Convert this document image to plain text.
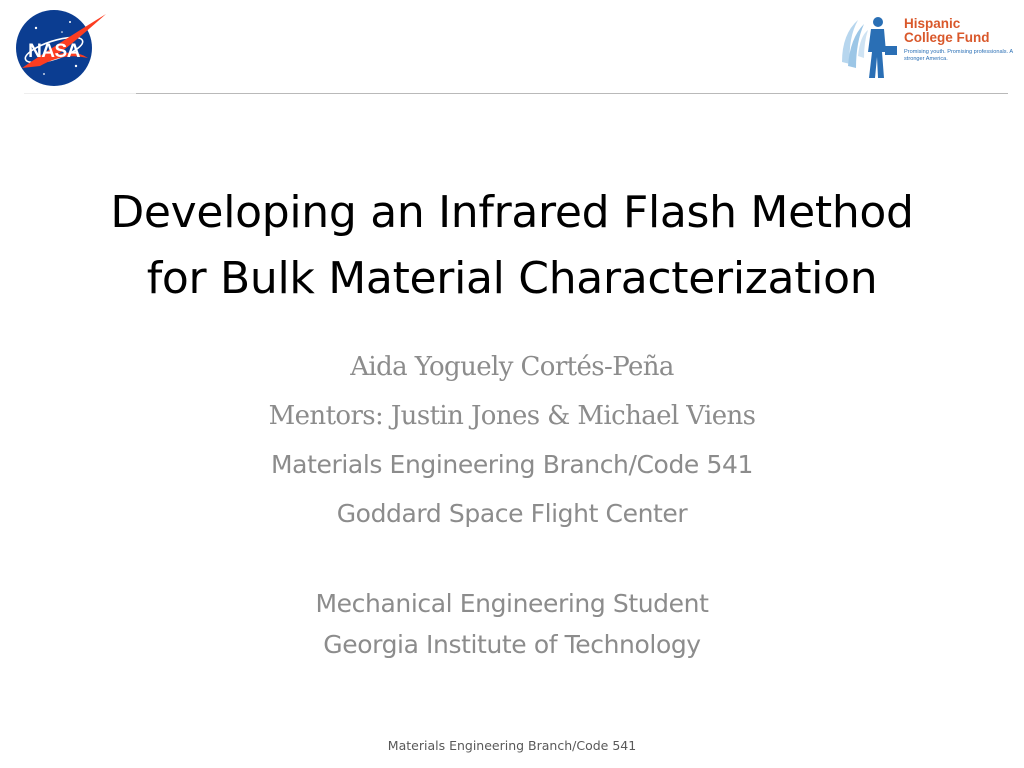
NASA
Hispanic
College Fund
Promising youth. Promising professionals. A stronger America.
Developing an Infrared Flash Method
for Bulk Material Characterization
Aida Yoguely Cortés-Peña
Mentors: Justin Jones & Michael Viens
Materials Engineering Branch/Code 541
Goddard Space Flight Center
Mechanical Engineering Student
Georgia Institute of Technology
Materials Engineering Branch/Code 541
